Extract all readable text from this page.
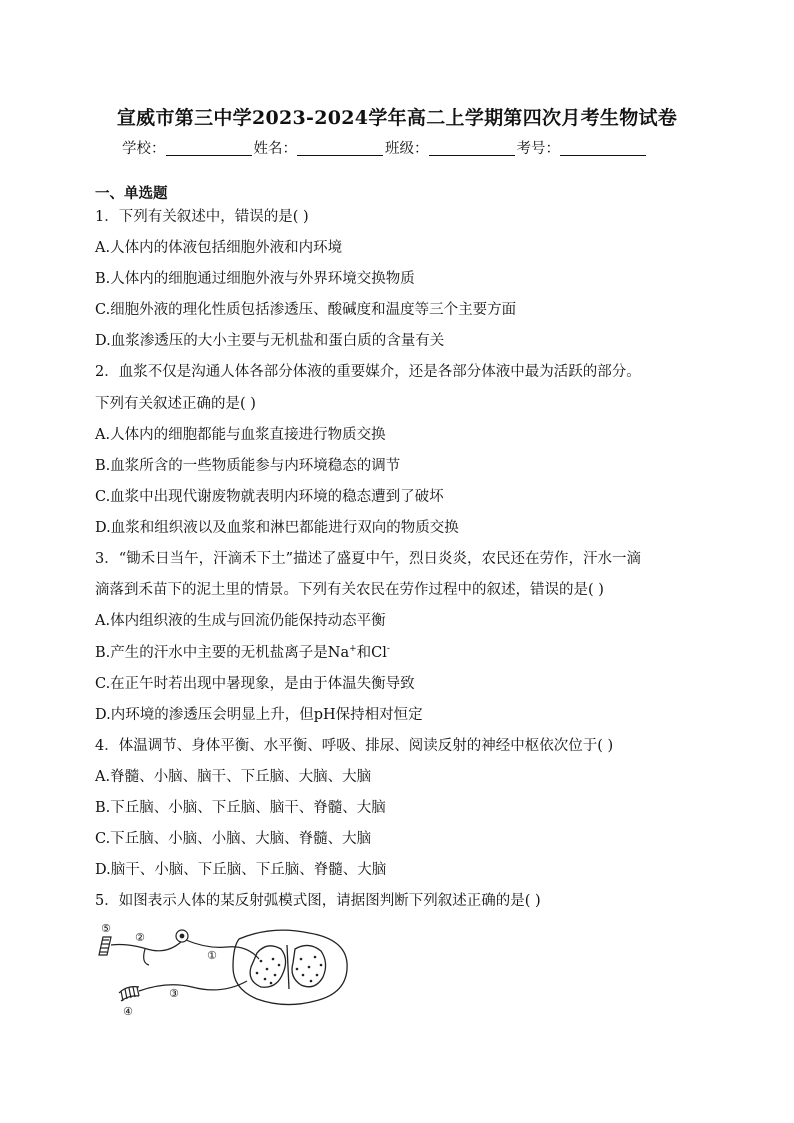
宣威市第三中学2023-2024学年高二上学期第四次月考生物试卷
学校：	姓名：	班级：	考号：
一、单选题
1．下列有关叙述中，错误的是( )
A.人体内的体液包括细胞外液和内环境
B.人体内的细胞通过细胞外液与外界环境交换物质
C.细胞外液的理化性质包括渗透压、酸碱度和温度等三个主要方面
D.血浆渗透压的大小主要与无机盐和蛋白质的含量有关
2．血浆不仅是沟通人体各部分体液的重要媒介，还是各部分体液中最为活跃的部分。
下列有关叙述正确的是( )
A.人体内的细胞都能与血浆直接进行物质交换
B.血浆所含的一些物质能参与内环境稳态的调节
C.血浆中出现代谢废物就表明内环境的稳态遭到了破坏
D.血浆和组织液以及血浆和淋巴都能进行双向的物质交换
3．“锄禾日当午，汗滴禾下土”描述了盛夏中午，烈日炎炎，农民还在劳作，汗水一滴
滴落到禾苗下的泥土里的情景。下列有关农民在劳作过程中的叙述，错误的是( )
A.体内组织液的生成与回流仍能保持动态平衡
B.产生的汗水中主要的无机盐离子是Na+和Cl-
C.在正午时若出现中暑现象，是由于体温失衡导致
D.内环境的渗透压会明显上升，但pH保持相对恒定
4．体温调节、身体平衡、水平衡、呼吸、排尿、阅读反射的神经中枢依次位于( )
A.脊髓、小脑、脑干、下丘脑、大脑、大脑
B.下丘脑、小脑、下丘脑、脑干、脊髓、大脑
C.下丘脑、小脑、小脑、大脑、脊髓、大脑
D.脑干、小脑、下丘脑、下丘脑、脊髓、大脑
5．如图表示人体的某反射弧模式图，请据图判断下列叙述正确的是( )
⑤
②
①
③
④
